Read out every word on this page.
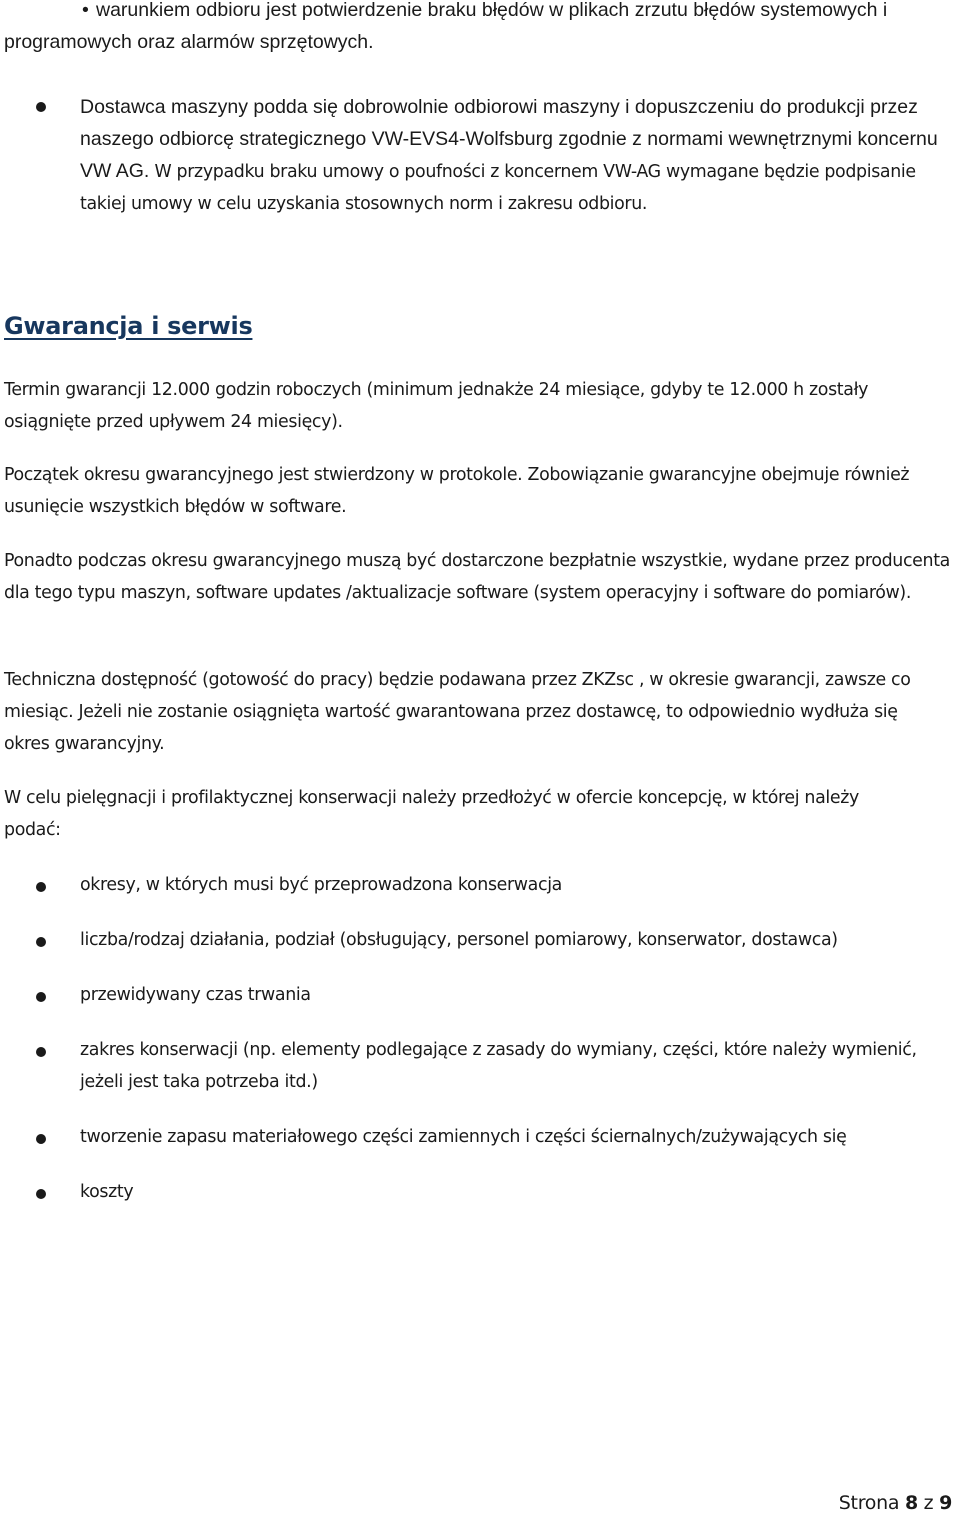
• warunkiem odbioru jest potwierdzenie braku błędów w plikach zrzutu błędów systemowych i programowych oraz alarmów sprzętowych.

Dostawca maszyny podda się dobrowolnie odbiorowi maszyny i dopuszczeniu do produkcji przez naszego odbiorcę strategicznego VW-EVS4-Wolfsburg zgodnie z normami wewnętrznymi koncernu VW AG. W przypadku braku umowy o poufności z koncernem VW-AG wymagane będzie podpisanie takiej umowy w celu uzyskania stosownych norm i zakresu odbioru.

Gwarancja i serwis

Termin gwarancji 12.000 godzin roboczych (minimum jednakże 24 miesiące, gdyby te 12.000 h zostały osiągnięte przed upływem 24 miesięcy).

Początek okresu gwarancyjnego jest stwierdzony w protokole. Zobowiązanie gwarancyjne obejmuje również usunięcie wszystkich błędów w software.

Ponadto podczas okresu gwarancyjnego muszą być dostarczone bezpłatnie wszystkie, wydane przez producenta dla tego typu maszyn, software updates /aktualizacje software (system operacyjny i software do pomiarów).

Techniczna dostępność (gotowość do pracy) będzie podawana przez ZKZsc , w okresie gwarancji, zawsze co miesiąc. Jeżeli nie zostanie osiągnięta wartość gwarantowana przez dostawcę, to odpowiednio wydłuża się okres gwarancyjny.

W celu pielęgnacji i profilaktycznej konserwacji należy przedłożyć w ofercie koncepcję, w której należy podać:

okresy, w których musi być przeprowadzona konserwacja

liczba/rodzaj działania, podział (obsługujący, personel pomiarowy, konserwator, dostawca)

przewidywany czas trwania

zakres konserwacji (np. elementy podlegające z zasady do wymiany, części, które należy wymienić, jeżeli jest taka potrzeba itd.)

tworzenie zapasu materiałowego części zamiennych i części ściernalnych/zużywających się

koszty

Strona 8 z 9
